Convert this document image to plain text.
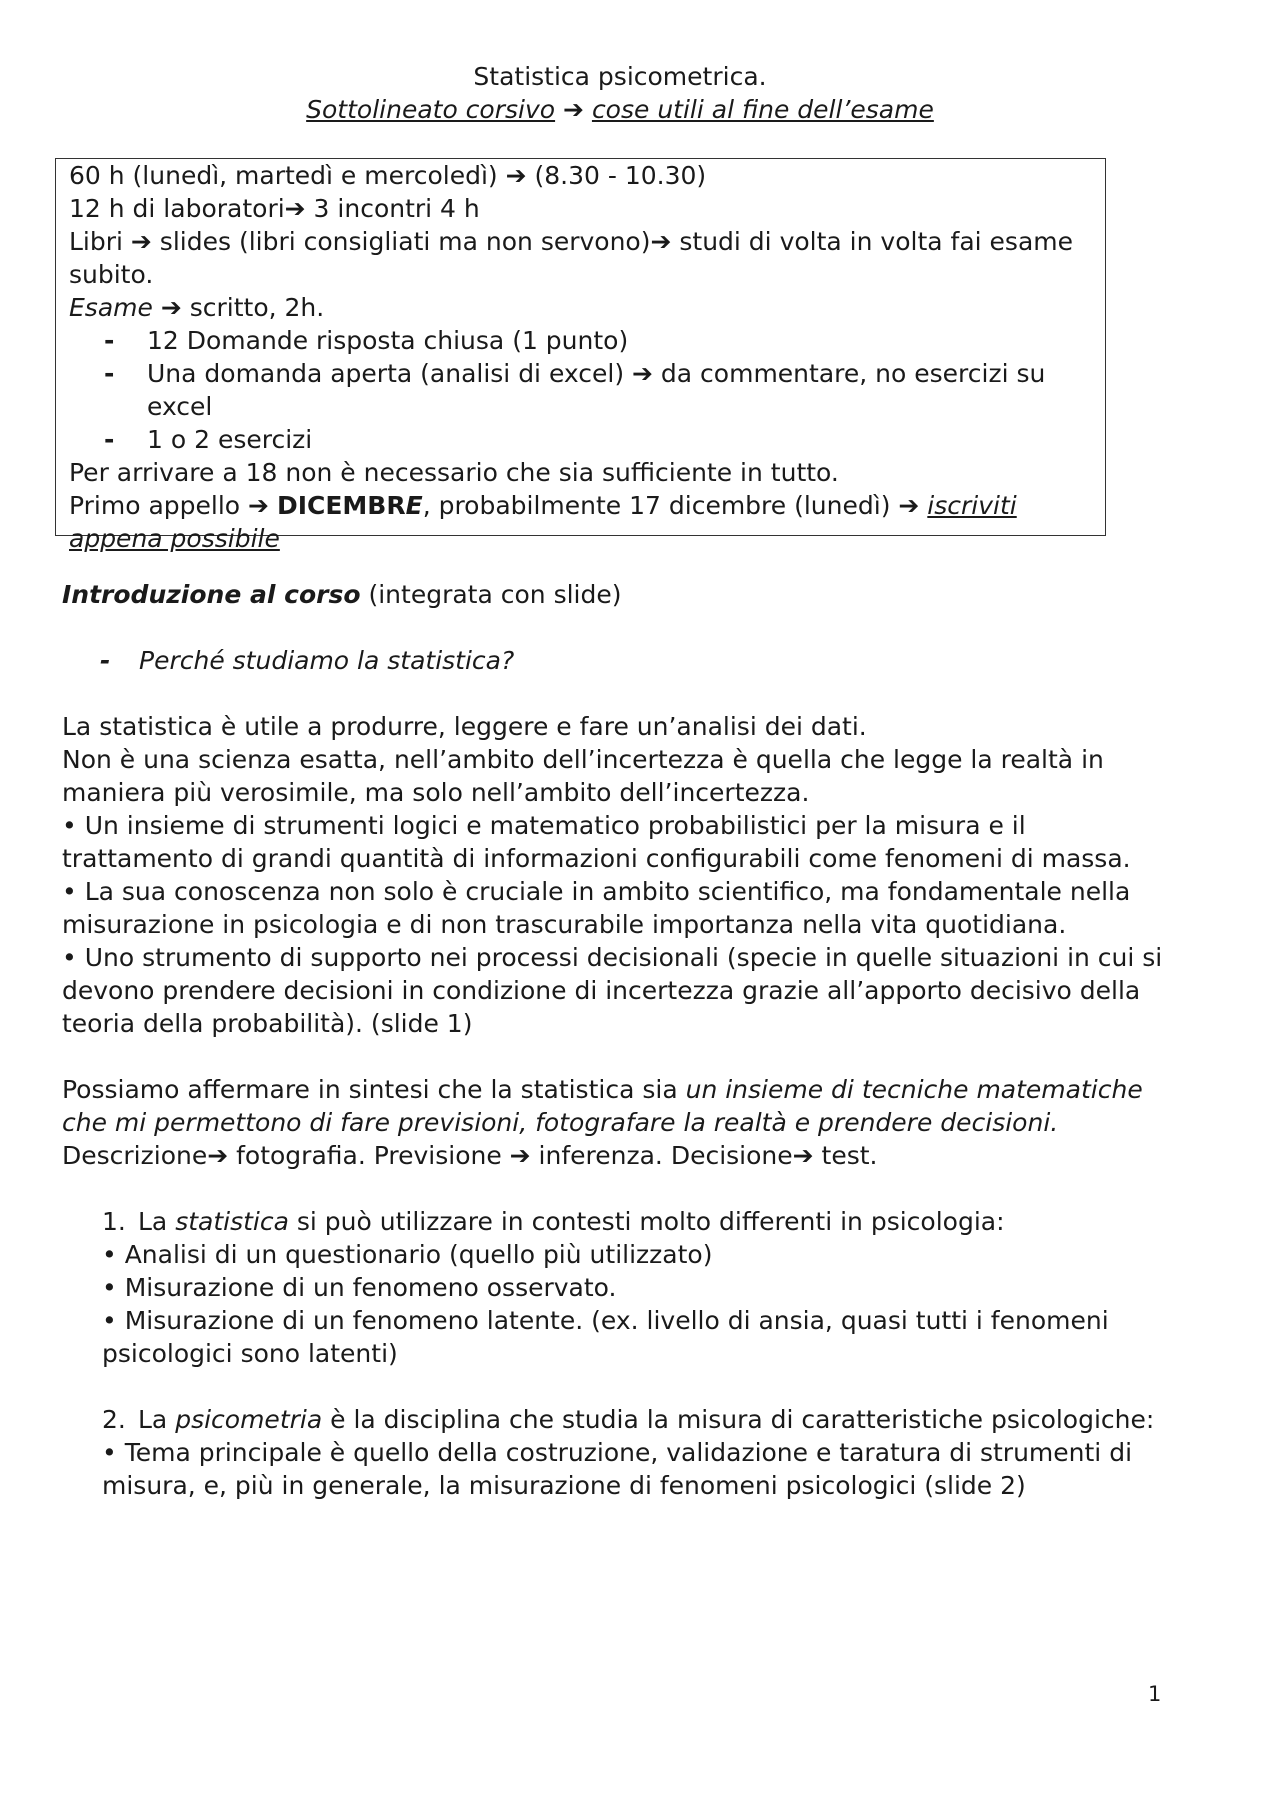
Statistica psicometrica.
Sottolineato corsivo ➔ cose utili al fine dell’esame

60 h (lunedì, martedì e mercoledì) ➔ (8.30 - 10.30)

12 h di laboratori➔ 3 incontri 4 h

Libri ➔ slides (libri consigliati ma non servono)➔ studi di volta in volta fai esame subito.

Esame ➔ scritto, 2h.

- 12 Domande risposta chiusa (1 punto)

- Una domanda aperta (analisi di excel) ➔ da commentare, no esercizi su excel

- 1 o 2 esercizi

Per arrivare a 18 non è necessario che sia sufficiente in tutto.

Primo appello ➔ DICEMBRE, probabilmente 17 dicembre (lunedì) ➔ iscriviti appena possibile

Introduzione al corso (integrata con slide)

- Perché studiamo la statistica?

La statistica è utile a produrre, leggere e fare un’analisi dei dati.

Non è una scienza esatta, nell’ambito dell’incertezza è quella che legge la realtà in maniera più verosimile, ma solo nell’ambito dell’incertezza.

• Un insieme di strumenti logici e matematico probabilistici per la misura e il trattamento di grandi quantità di informazioni configurabili come fenomeni di massa.

• La sua conoscenza non solo è cruciale in ambito scientifico, ma fondamentale nella misurazione in psicologia e di non trascurabile importanza nella vita quotidiana.

• Uno strumento di supporto nei processi decisionali (specie in quelle situazioni in cui si devono prendere decisioni in condizione di incertezza grazie all’apporto decisivo della teoria della probabilità). (slide 1)

Possiamo affermare in sintesi che la statistica sia un insieme di tecniche matematiche che mi permettono di fare previsioni, fotografare la realtà e prendere decisioni.

Descrizione➔ fotografia. Previsione ➔ inferenza. Decisione➔ test.

1. La statistica si può utilizzare in contesti molto differenti in psicologia:

• Analisi di un questionario (quello più utilizzato)

• Misurazione di un fenomeno osservato.

• Misurazione di un fenomeno latente. (ex. livello di ansia, quasi tutti i fenomeni psicologici sono latenti)

2. La psicometria è la disciplina che studia la misura di caratteristiche psicologiche:

• Tema principale è quello della costruzione, validazione e taratura di strumenti di misura, e, più in generale, la misurazione di fenomeni psicologici (slide 2)

1
